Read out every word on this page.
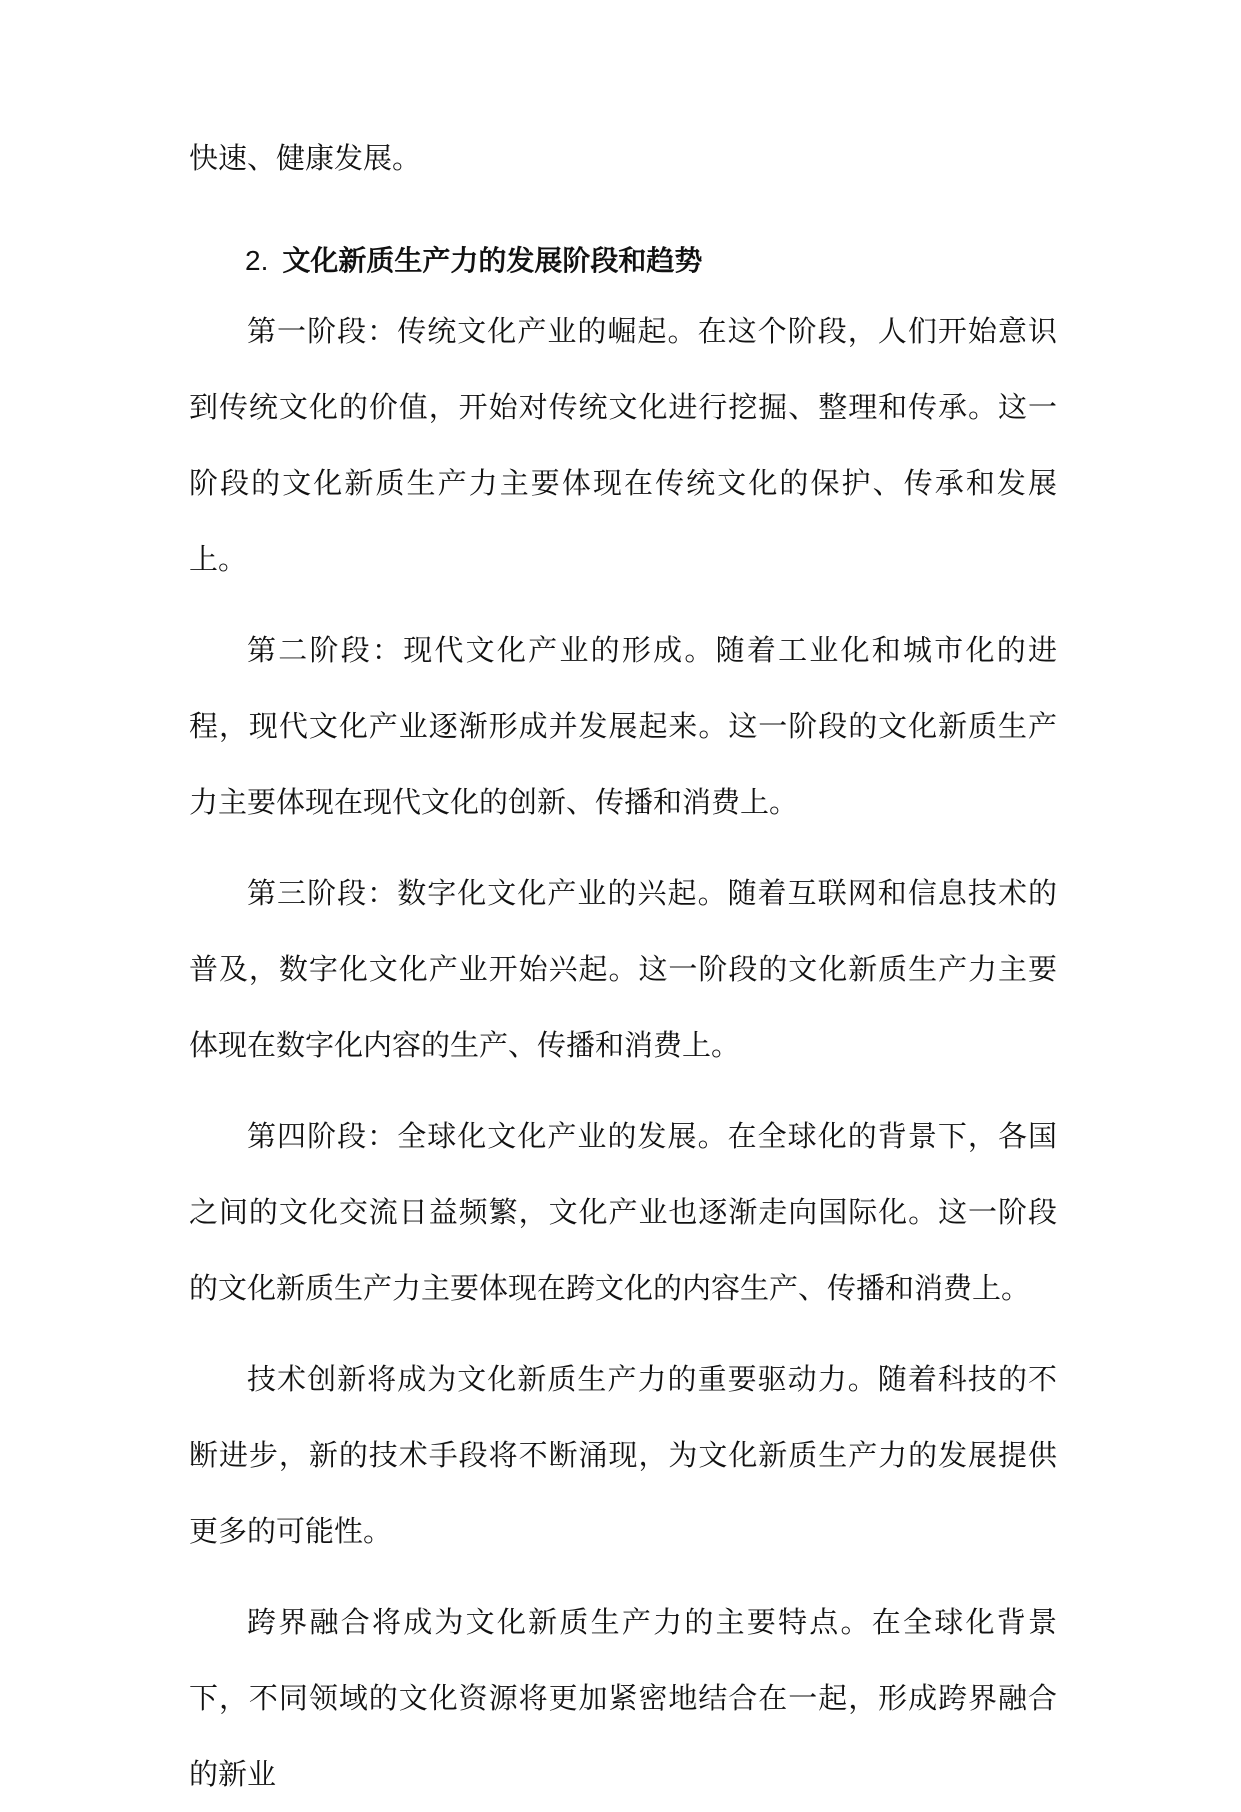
快速、健康发展。

2. 文化新质生产力的发展阶段和趋势

第一阶段：传统文化产业的崛起。在这个阶段，人们开始意识到传统文化的价值，开始对传统文化进行挖掘、整理和传承。这一阶段的文化新质生产力主要体现在传统文化的保护、传承和发展上。

第二阶段：现代文化产业的形成。随着工业化和城市化的进程，现代文化产业逐渐形成并发展起来。这一阶段的文化新质生产力主要体现在现代文化的创新、传播和消费上。

第三阶段：数字化文化产业的兴起。随着互联网和信息技术的普及，数字化文化产业开始兴起。这一阶段的文化新质生产力主要体现在数字化内容的生产、传播和消费上。

第四阶段：全球化文化产业的发展。在全球化的背景下，各国之间的文化交流日益频繁，文化产业也逐渐走向国际化。这一阶段的文化新质生产力主要体现在跨文化的内容生产、传播和消费上。

技术创新将成为文化新质生产力的重要驱动力。随着科技的不断进步，新的技术手段将不断涌现，为文化新质生产力的发展提供更多的可能性。

跨界融合将成为文化新质生产力的主要特点。在全球化背景下，不同领域的文化资源将更加紧密地结合在一起，形成跨界融合的新业
